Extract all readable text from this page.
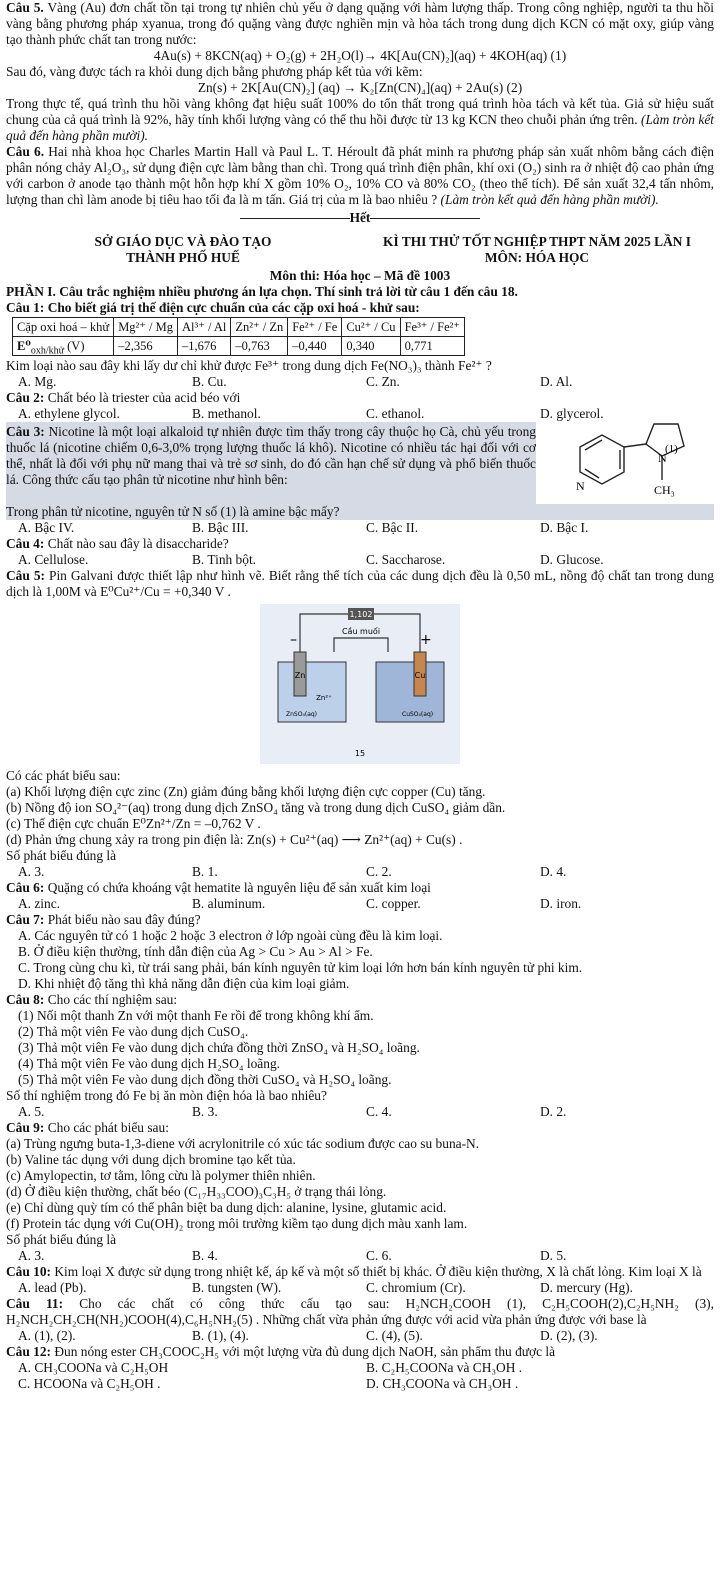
Câu 5. Vàng (Au) đơn chất tồn tại trong tự nhiên chủ yếu ở dạng quặng với hàm lượng thấp. Trong công nghiệp, người ta thu hồi vàng bằng phương pháp xyanua, trong đó quặng vàng được nghiền mịn và hòa tách trong dung dịch KCN có mặt oxy, giúp vàng tạo thành phức chất tan trong nước:

4Au(s) + 8KCN(aq) + O₂(g) + 2H₂O(l)→ 4K[Au(CN)₂](aq) + 4KOH(aq) (1)

Sau đó, vàng được tách ra khỏi dung dịch bằng phương pháp kết tủa với kẽm:

Zn(s) + 2K[Au(CN)₂] (aq) → K₂[Zn(CN)₄](aq) + 2Au(s) (2)

Trong thực tế, quá trình thu hồi vàng không đạt hiệu suất 100% do tổn thất trong quá trình hòa tách và kết tủa. Giả sử hiệu suất chung của cả quá trình là 92%, hãy tính khối lượng vàng có thể thu hồi được từ 13 kg KCN theo chuỗi phản ứng trên. (Làm tròn kết quả đến hàng phần mười).

Câu 6. Hai nhà khoa học Charles Martin Hall và Paul L. T. Héroult đã phát minh ra phương pháp sản xuất nhôm bằng cách điện phân nóng chảy Al₂O₃, sử dụng điện cực làm bằng than chì. Trong quá trình điện phân, khí oxi (O₂) sinh ra ở nhiệt độ cao phản ứng với carbon ở anode tạo thành một hỗn hợp khí X gồm 10% O₂, 10% CO và 80% CO₂ (theo thể tích). Để sản xuất 32,4 tấn nhôm, lượng than chì làm anode bị tiêu hao tối đa là m tấn. Giá trị của m là bao nhiêu ? (Làm tròn kết quả đến hàng phần mười).

Hết

SỞ GIÁO DỤC VÀ ĐÀO TẠO

THÀNH PHỐ HUẾ

KÌ THI THỬ TỐT NGHIỆP THPT NĂM 2025 LẦN I

MÔN: HÓA HỌC

Môn thi: Hóa học – Mã đề 1003

PHẦN I. Câu trắc nghiệm nhiều phương án lựa chọn. Thí sinh trả lời từ câu 1 đến câu 18.

Câu 1: Cho biết giá trị thế điện cực chuẩn của các cặp oxi hoá - khử sau:

Cặp oxi hoá – khử	Mg²⁺ / Mg	Al³⁺ / Al	Zn²⁺ / Zn	Fe²⁺ / Fe	Cu²⁺ / Cu	Fe³⁺ / Fe²⁺
$E^0_{oxh/khử}$ (V)	–2,356	–1,676	–0,763	–0,440	0,340	0,771

Kim loại nào sau đây khi lấy dư chỉ khử được Fe³⁺ trong dung dịch Fe(NO₃)₃ thành Fe²⁺ ?

A. Mg.	B. Cu.	C. Zn.	D. Al.

Câu 2: Chất béo là triester của acid béo với

A. ethylene glycol.	B. methanol.	C. ethanol.	D. glycerol.

Câu 3: Nicotine là một loại alkaloid tự nhiên được tìm thấy trong cây thuộc họ Cà, chủ yếu trong thuốc lá (nicotine chiếm 0,6-3,0% trọng lượng thuốc lá khô). Nicotine có nhiều tác hại đối với cơ thể, nhất là đối với phụ nữ mang thai và trẻ sơ sinh, do đó cần hạn chế sử dụng và phổ biến thuốc lá. Công thức cấu tạo phân tử nicotine như hình bên:	N
N
(1)
CH₃

Trong phân tử nicotine, nguyên tử N số (1) là amine bậc mấy?

A. Bậc IV.	B. Bậc III.	C. Bậc II.	D. Bậc I.

Câu 4: Chất nào sau đây là disaccharide?

A. Cellulose.	B. Tinh bột.	C. Saccharose.	D. Glucose.

Câu 5: Pin Galvani được thiết lập như hình vẽ. Biết rằng thể tích của các dung dịch đều là 0,50 mL, nồng độ chất tan trong dung dịch là 1,00M và E⁰Cu²⁺/Cu = +0,340 V .

1,102
Cầu muối
Zn	Cu
Zn²⁺
ZnSO₄(aq)	CuSO₄(aq)
–	+
15

Có các phát biểu sau:

(a) Khối lượng điện cực zinc (Zn) giảm đúng bằng khối lượng điện cực copper (Cu) tăng.

(b) Nồng độ ion SO₄²⁻(aq) trong dung dịch ZnSO₄ tăng và trong dung dịch CuSO₄ giảm dần.

(c) Thế điện cực chuẩn E⁰Zn²⁺/Zn = –0,762 V .

(d) Phản ứng chung xảy ra trong pin điện là: Zn(s) + Cu²⁺(aq) ⟶ Zn²⁺(aq) + Cu(s) .

Số phát biểu đúng là

A. 3.	B. 1.	C. 2.	D. 4.

Câu 6: Quặng có chứa khoáng vật hematite là nguyên liệu để sản xuất kim loại

A. zinc.	B. aluminum.	C. copper.	D. iron.

Câu 7: Phát biểu nào sau đây đúng?

A. Các nguyên tử có 1 hoặc 2 hoặc 3 electron ở lớp ngoài cùng đều là kim loại.

B. Ở điều kiện thường, tính dẫn điện của Ag > Cu > Au > Al > Fe.

C. Trong cùng chu kì, từ trái sang phải, bán kính nguyên tử kim loại lớn hơn bán kính nguyên tử phi kim.

D. Khi nhiệt độ tăng thì khả năng dẫn điện của kim loại giảm.

Câu 8: Cho các thí nghiệm sau:

(1) Nối một thanh Zn với một thanh Fe rồi để trong không khí ẩm.

(2) Thả một viên Fe vào dung dịch CuSO₄.

(3) Thả một viên Fe vào dung dịch chứa đồng thời ZnSO₄ và H₂SO₄ loãng.

(4) Thả một viên Fe vào dung dịch H₂SO₄ loãng.

(5) Thả một viên Fe vào dung dịch đồng thời CuSO₄ và H₂SO₄ loãng.

Số thí nghiệm trong đó Fe bị ăn mòn điện hóa là bao nhiêu?

A. 5.	B. 3.	C. 4.	D. 2.

Câu 9: Cho các phát biểu sau:

(a) Trùng ngưng buta-1,3-diene với acrylonitrile có xúc tác sodium được cao su buna-N.

(b) Valine tác dụng với dung dịch bromine tạo kết tủa.

(c) Amylopectin, tơ tằm, lông cừu là polymer thiên nhiên.

(d) Ở điều kiện thường, chất béo (C₁₇H₃₃COO)₃C₃H₅ ở trạng thái lỏng.

(e) Chỉ dùng quỳ tím có thể phân biệt ba dung dịch: alanine, lysine, glutamic acid.

(f) Protein tác dụng với Cu(OH)₂ trong môi trường kiềm tạo dung dịch màu xanh lam.

Số phát biểu đúng là

A. 3.	B. 4.	C. 6.	D. 5.

Câu 10: Kim loại X được sử dụng trong nhiệt kế, áp kế và một số thiết bị khác. Ở điều kiện thường, X là chất lỏng. Kim loại X là

A. lead (Pb).	B. tungsten (W).	C. chromium (Cr).	D. mercury (Hg).

Câu 11: Cho các chất có công thức cấu tạo sau: H₂NCH₂COOH (1), C₂H₅COOH(2),C₂H₅NH₂ (3), H₂NCH₂CH₂CH(NH₂)COOH(4),C₆H₅NH₂(5) . Những chất vừa phản ứng được với acid vừa phản ứng được với base là

A. (1), (2).	B. (1), (4).	C. (4), (5).	D. (2), (3).

Câu 12: Đun nóng ester CH₃COOC₂H₅ với một lượng vừa đủ dung dịch NaOH, sản phẩm thu được là

A. CH₃COONa và C₂H₅OH	B. C₂H₅COONa và CH₃OH .
C. HCOONa và C₂H₅OH .	D. CH₃COONa và CH₃OH .
